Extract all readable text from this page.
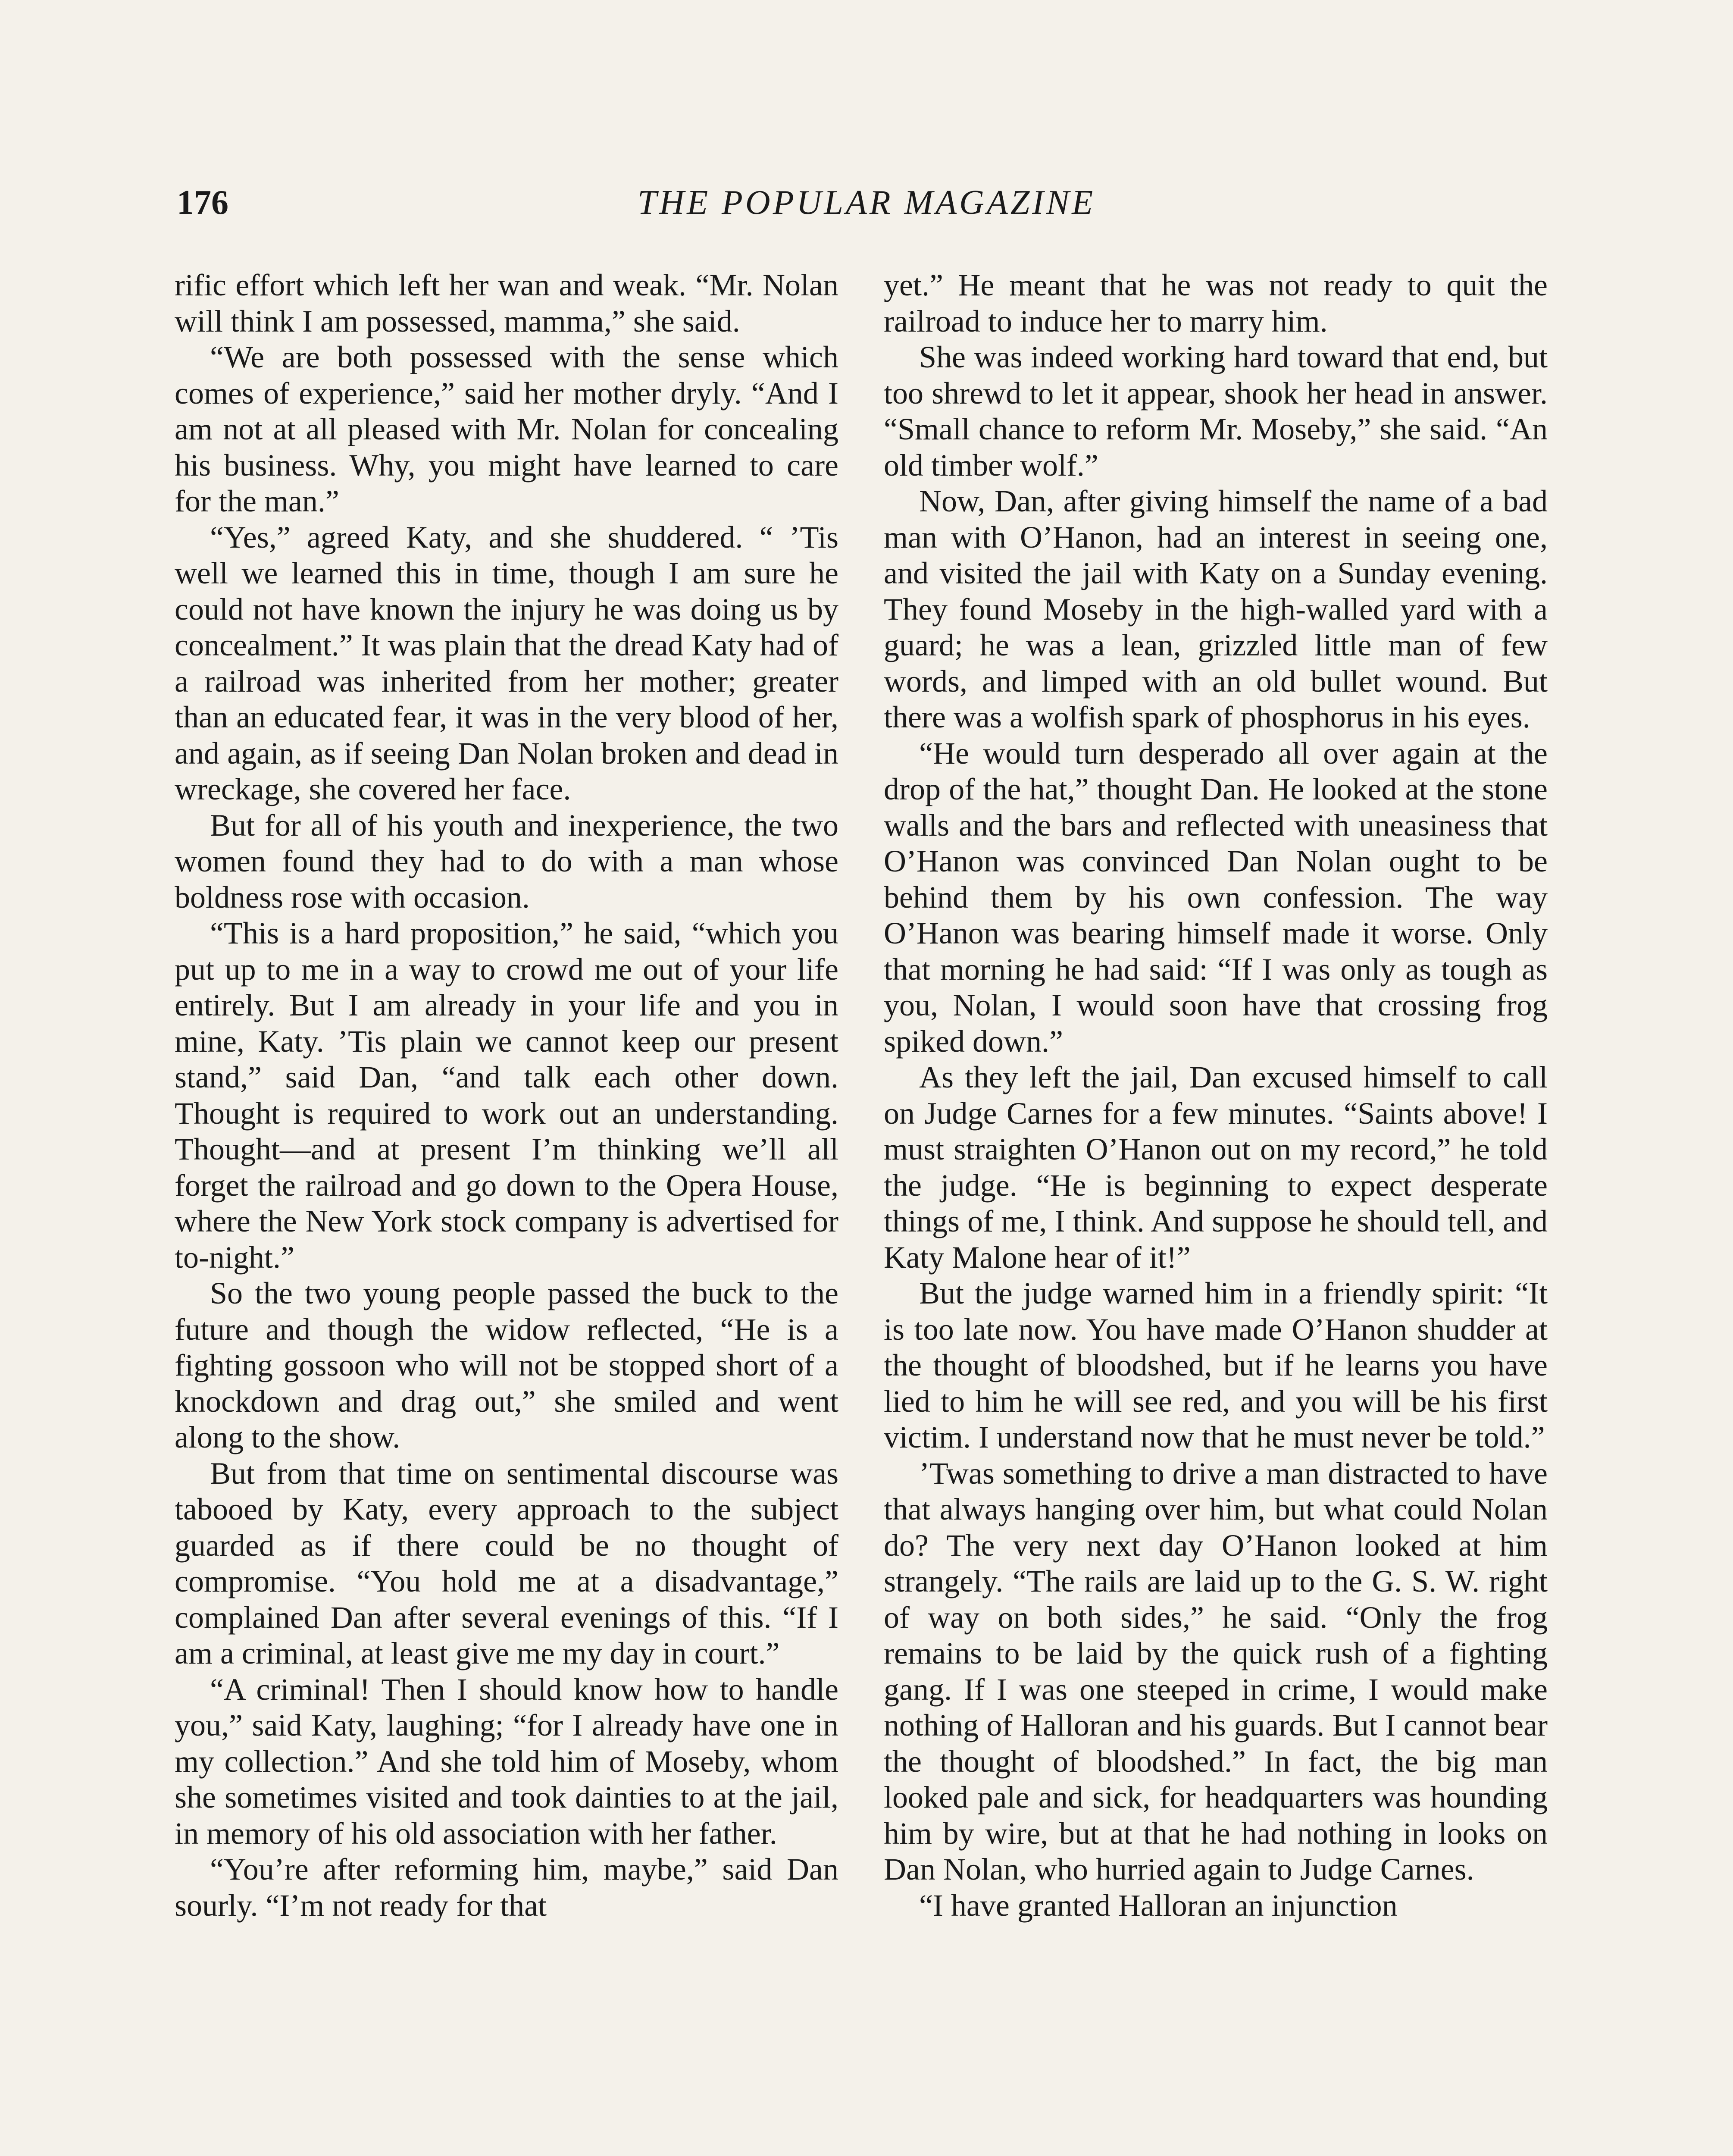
176	THE POPULAR MAGAZINE

rific effort which left her wan and weak. “Mr. Nolan will think I am possessed, mamma,” she said.

“We are both possessed with the sense which comes of experience,” said her mother dryly. “And I am not at all pleased with Mr. Nolan for concealing his business. Why, you might have learned to care for the man.”

“Yes,” agreed Katy, and she shuddered. “ ’Tis well we learned this in time, though I am sure he could not have known the injury he was doing us by concealment.” It was plain that the dread Katy had of a railroad was inherited from her mother; greater than an educated fear, it was in the very blood of her, and again, as if seeing Dan Nolan broken and dead in wreckage, she covered her face.

But for all of his youth and inexperience, the two women found they had to do with a man whose boldness rose with occasion.

“This is a hard proposition,” he said, “which you put up to me in a way to crowd me out of your life entirely. But I am already in your life and you in mine, Katy. ’Tis plain we cannot keep our present stand,” said Dan, “and talk each other down. Thought is required to work out an understanding. Thought—and at present I’m thinking we’ll all forget the railroad and go down to the Opera House, where the New York stock company is advertised for to-night.”

So the two young people passed the buck to the future and though the widow reflected, “He is a fighting gossoon who will not be stopped short of a knockdown and drag out,” she smiled and went along to the show.

But from that time on sentimental discourse was tabooed by Katy, every approach to the subject guarded as if there could be no thought of compromise. “You hold me at a disadvantage,” complained Dan after several evenings of this. “If I am a criminal, at least give me my day in court.”

“A criminal! Then I should know how to handle you,” said Katy, laughing; “for I already have one in my collection.” And she told him of Moseby, whom she sometimes visited and took dainties to at the jail, in memory of his old association with her father.

“You’re after reforming him, maybe,” said Dan sourly. “I’m not ready for that

yet.” He meant that he was not ready to quit the railroad to induce her to marry him.

She was indeed working hard toward that end, but too shrewd to let it appear, shook her head in answer. “Small chance to reform Mr. Moseby,” she said. “An old timber wolf.”

Now, Dan, after giving himself the name of a bad man with O’Hanon, had an interest in seeing one, and visited the jail with Katy on a Sunday evening. They found Moseby in the high-walled yard with a guard; he was a lean, grizzled little man of few words, and limped with an old bullet wound. But there was a wolfish spark of phosphorus in his eyes.

“He would turn desperado all over again at the drop of the hat,” thought Dan. He looked at the stone walls and the bars and reflected with uneasiness that O’Hanon was convinced Dan Nolan ought to be behind them by his own confession. The way O’Hanon was bearing himself made it worse. Only that morning he had said: “If I was only as tough as you, Nolan, I would soon have that crossing frog spiked down.”

As they left the jail, Dan excused himself to call on Judge Carnes for a few minutes. “Saints above! I must straighten O’Hanon out on my record,” he told the judge. “He is beginning to expect desperate things of me, I think. And suppose he should tell, and Katy Malone hear of it!”

But the judge warned him in a friendly spirit: “It is too late now. You have made O’Hanon shudder at the thought of bloodshed, but if he learns you have lied to him he will see red, and you will be his first victim. I understand now that he must never be told.”

’Twas something to drive a man distracted to have that always hanging over him, but what could Nolan do? The very next day O’Hanon looked at him strangely. “The rails are laid up to the G. S. W. right of way on both sides,” he said. “Only the frog remains to be laid by the quick rush of a fighting gang. If I was one steeped in crime, I would make nothing of Halloran and his guards. But I cannot bear the thought of bloodshed.” In fact, the big man looked pale and sick, for headquarters was hounding him by wire, but at that he had nothing in looks on Dan Nolan, who hurried again to Judge Carnes.

“I have granted Halloran an injunction
